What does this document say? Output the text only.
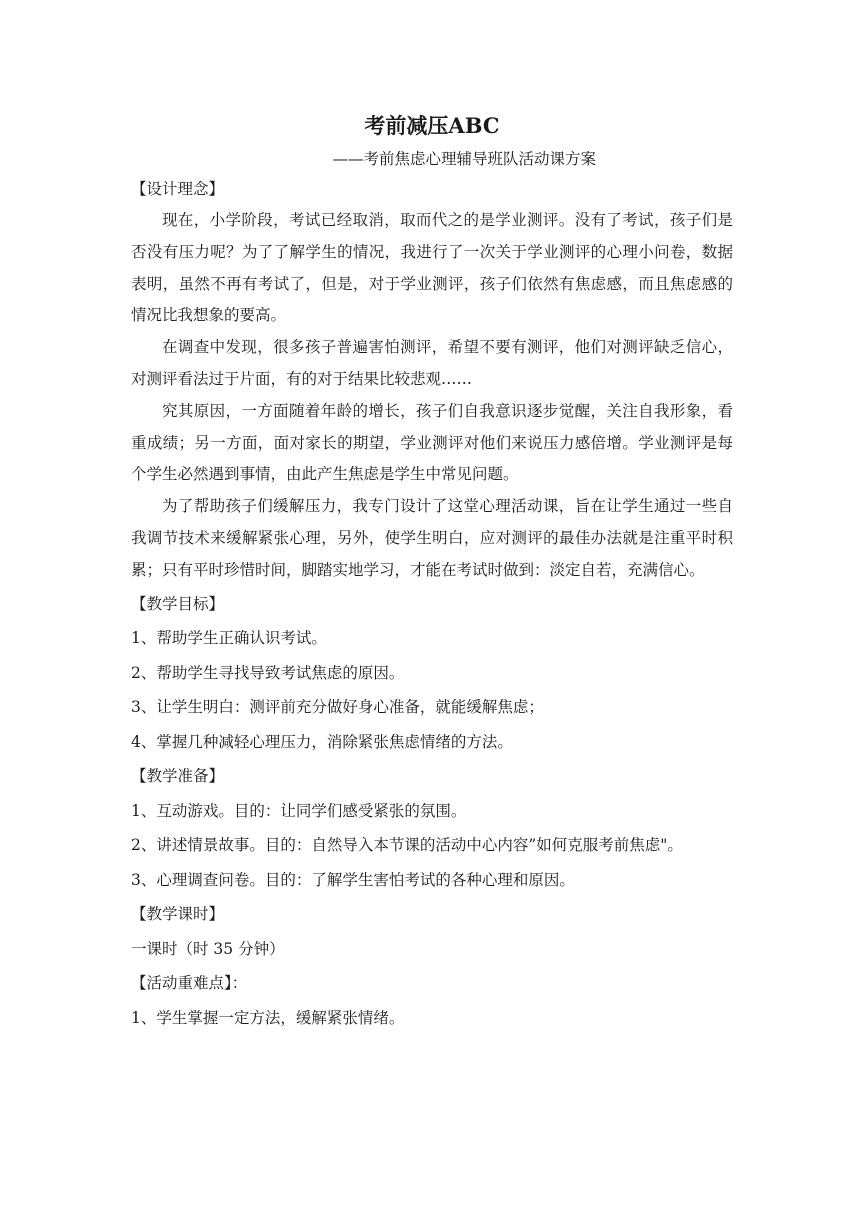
考前减压ABC
——考前焦虑心理辅导班队活动课方案
【设计理念】

现在，小学阶段，考试已经取消，取而代之的是学业测评。没有了考试，孩子们是否没有压力呢？为了了解学生的情况，我进行了一次关于学业测评的心理小问卷，数据表明，虽然不再有考试了，但是，对于学业测评，孩子们依然有焦虑感，而且焦虑感的情况比我想象的要高。

在调查中发现，很多孩子普遍害怕测评，希望不要有测评，他们对测评缺乏信心，对测评看法过于片面，有的对于结果比较悲观……

究其原因，一方面随着年龄的增长，孩子们自我意识逐步觉醒，关注自我形象，看重成绩；另一方面，面对家长的期望，学业测评对他们来说压力感倍增。学业测评是每个学生必然遇到事情，由此产生焦虑是学生中常见问题。

为了帮助孩子们缓解压力，我专门设计了这堂心理活动课，旨在让学生通过一些自我调节技术来缓解紧张心理，另外，使学生明白，应对测评的最佳办法就是注重平时积累；只有平时珍惜时间，脚踏实地学习，才能在考试时做到：淡定自若，充满信心。

【教学目标】
1、帮助学生正确认识考试。
2、帮助学生寻找导致考试焦虑的原因。
3、让学生明白：测评前充分做好身心准备，就能缓解焦虑；
4、掌握几种减轻心理压力，消除紧张焦虑情绪的方法。
【教学准备】
1、互动游戏。目的：让同学们感受紧张的氛围。
2、讲述情景故事。目的：自然导入本节课的活动中心内容”如何克服考前焦虑"。
3、心理调查问卷。目的：了解学生害怕考试的各种心理和原因。
【教学课时】
一课时（时 35 分钟）
【活动重难点】：
1、学生掌握一定方法，缓解紧张情绪。
